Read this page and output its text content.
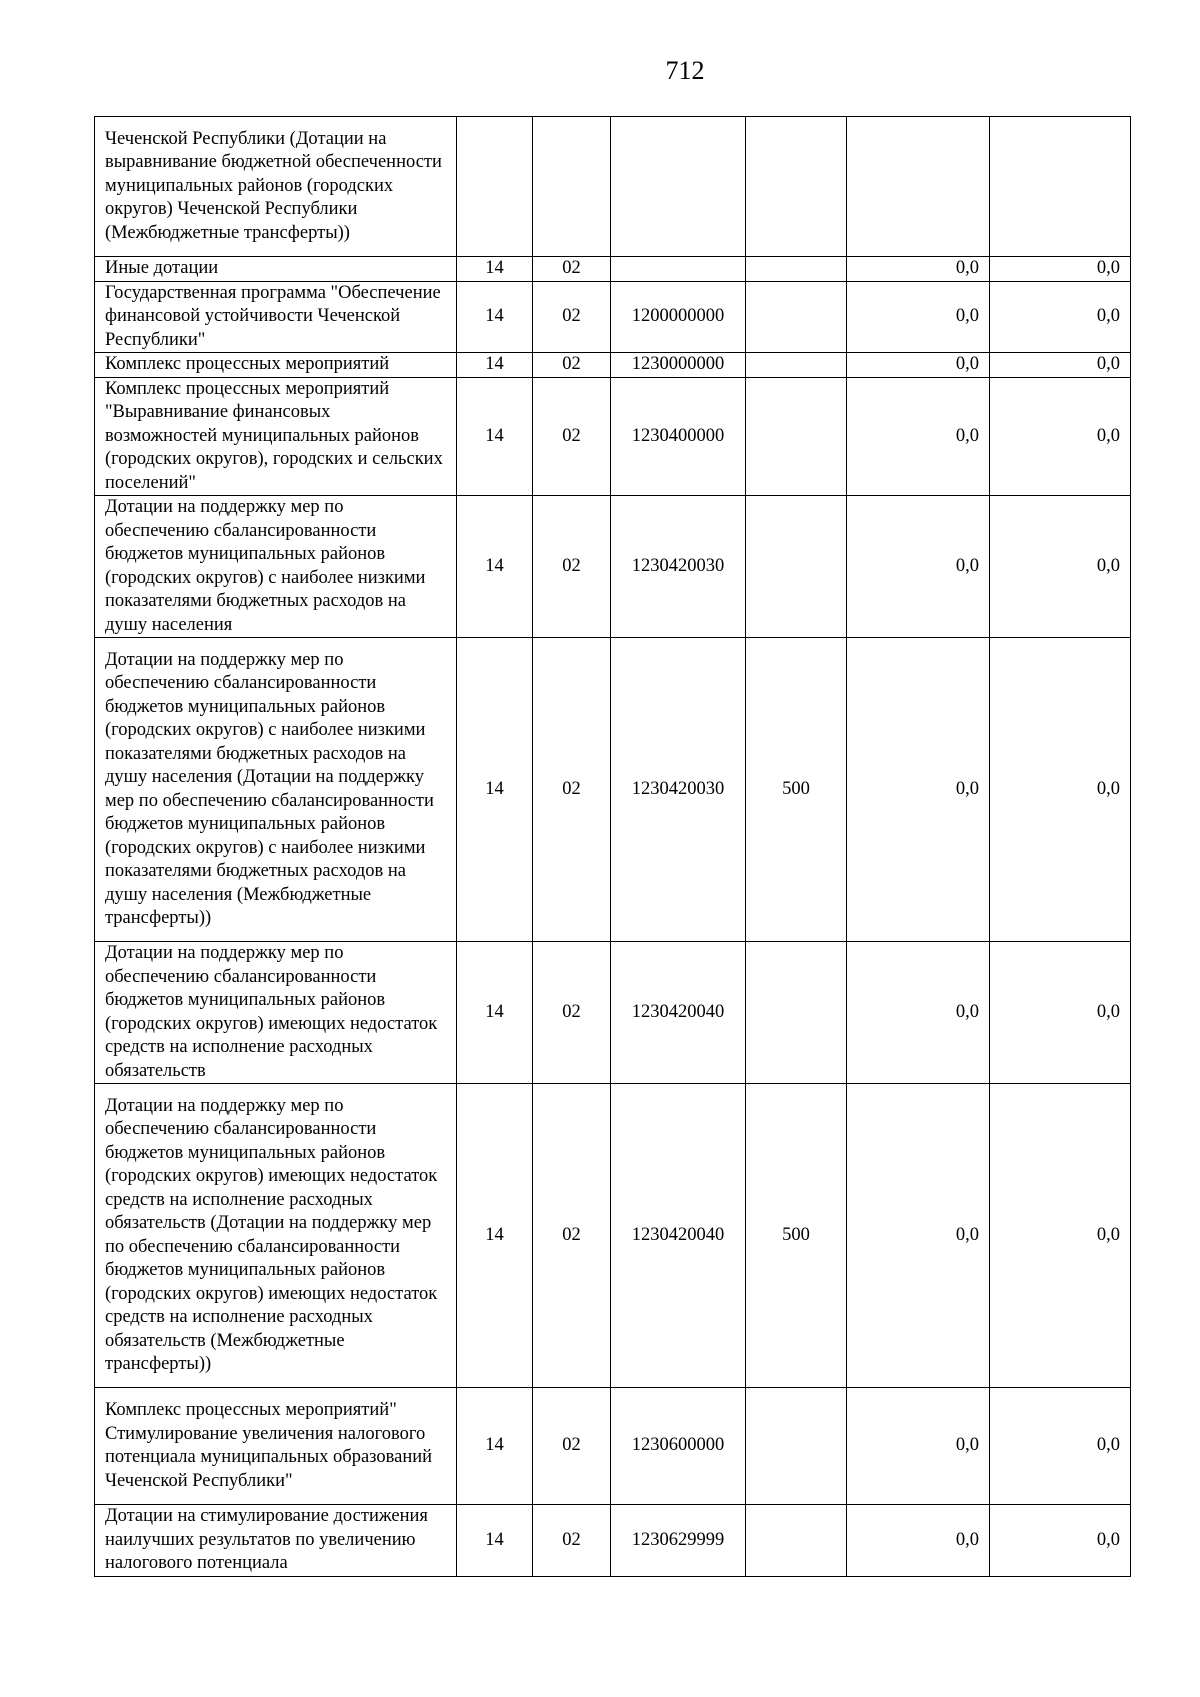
712
Чеченской Республики (Дотации на выравнивание бюджетной обеспеченности муниципальных районов (городских округов) Чеченской Республики (Межбюджетные трансферты))						
Иные дотации	14	02			0,0	0,0
Государственная программа "Обеспечение финансовой устойчивости Чеченской Республики"	14	02	1200000000		0,0	0,0
Комплекс процессных мероприятий	14	02	1230000000		0,0	0,0
Комплекс процессных мероприятий "Выравнивание финансовых возможностей муниципальных районов (городских округов), городских и сельских поселений"	14	02	1230400000		0,0	0,0
Дотации на поддержку мер по обеспечению сбалансированности бюджетов муниципальных районов (городских округов) с наиболее низкими показателями бюджетных расходов на душу населения	14	02	1230420030		0,0	0,0
Дотации на поддержку мер по обеспечению сбалансированности бюджетов муниципальных районов (городских округов) с наиболее низкими показателями бюджетных расходов на душу населения (Дотации на поддержку мер по обеспечению сбалансированности бюджетов муниципальных районов (городских округов) с наиболее низкими показателями бюджетных расходов на душу населения (Межбюджетные трансферты))	14	02	1230420030	500	0,0	0,0
Дотации на поддержку мер по обеспечению сбалансированности бюджетов муниципальных районов (городских округов) имеющих недостаток средств на исполнение расходных обязательств	14	02	1230420040		0,0	0,0
Дотации на поддержку мер по обеспечению сбалансированности бюджетов муниципальных районов (городских округов) имеющих недостаток средств на исполнение расходных обязательств (Дотации на поддержку мер по обеспечению сбалансированности бюджетов муниципальных районов (городских округов) имеющих недостаток средств на исполнение расходных обязательств (Межбюджетные трансферты))	14	02	1230420040	500	0,0	0,0
Комплекс процессных мероприятий" Стимулирование увеличения налогового потенциала муниципальных образований Чеченской Республики"	14	02	1230600000		0,0	0,0
Дотации на стимулирование достижения наилучших результатов по увеличению налогового потенциала	14	02	1230629999		0,0	0,0
